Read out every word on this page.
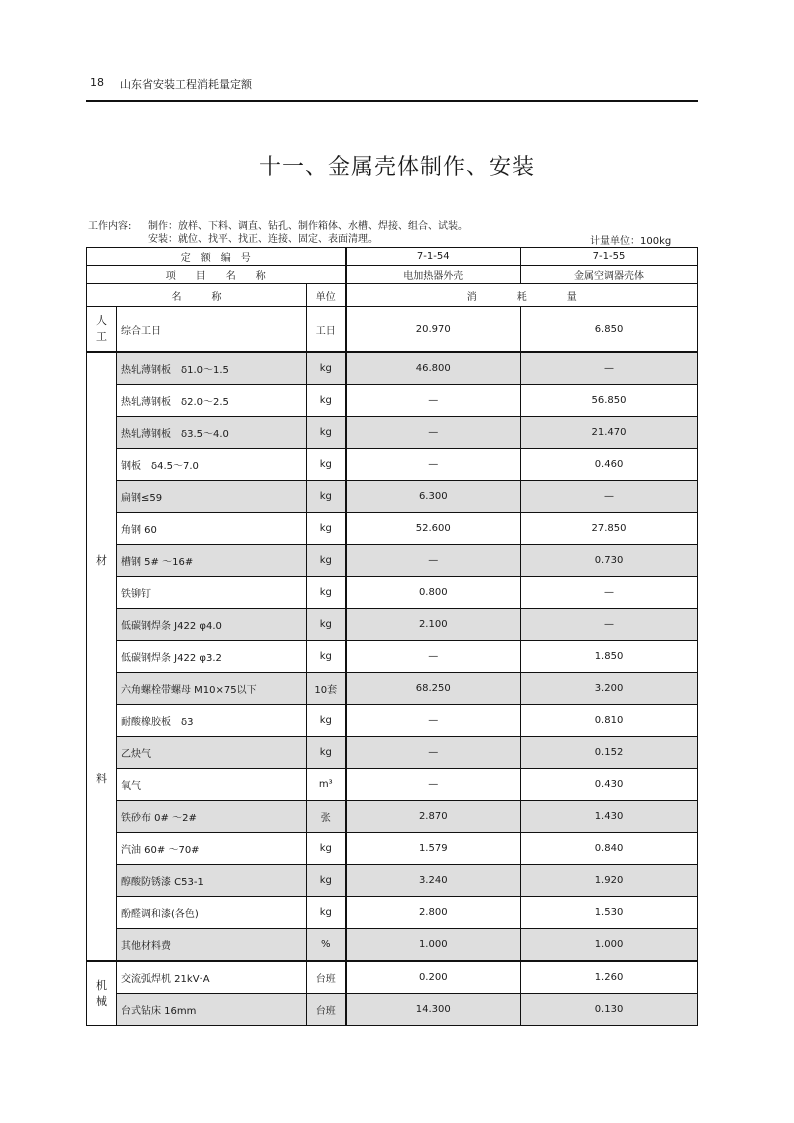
18 山东省安装工程消耗量定额
十一、金属壳体制作、安装
工作内容: 制作：放样、下料、调直、钻孔、制作箱体、水槽、焊接、组合、试装。
安装：就位、找平、找正、连接、固定、表面清理。	计量单位：100kg
定　额　编　号			7-1-54	7-1-55
项　　目　　名　　称			电加热器外壳	金属空调器壳体
名　　　称		单位	消　　　　耗　　　　量	
人
工	综合工日	工日	20.970	6.850

材
料	热轧薄钢板　δ1.0～1.5	kg	46.800	—
	热轧薄钢板　δ2.0～2.5	kg	—	56.850
	热轧薄钢板　δ3.5～4.0	kg	—	21.470
	钢板　δ4.5～7.0	kg	—	0.460
	扁钢≤59	kg	6.300	—
	角钢 60	kg	52.600	27.850
	槽钢 5# ～16#	kg	—	0.730
	铁铆钉	kg	0.800	—
	低碳钢焊条 J422 φ4.0	kg	2.100	—
	低碳钢焊条 J422 φ3.2	kg	—	1.850
	六角螺栓带螺母 M10×75以下	10套	68.250	3.200
	耐酸橡胶板　δ3	kg	—	0.810
	乙炔气	kg	—	0.152
	氧气	m³	—	0.430
	铁砂布 0# ～2#	张	2.870	1.430
	汽油 60# ～70#	kg	1.579	0.840
	醇酸防锈漆 C53-1	kg	3.240	1.920
	酚醛调和漆(各色)	kg	2.800	1.530
	其他材料费	%	1.000	1.000
机
械	交流弧焊机 21kV·A	台班	0.200	1.260
	台式钻床 16mm	台班	14.300	0.130
